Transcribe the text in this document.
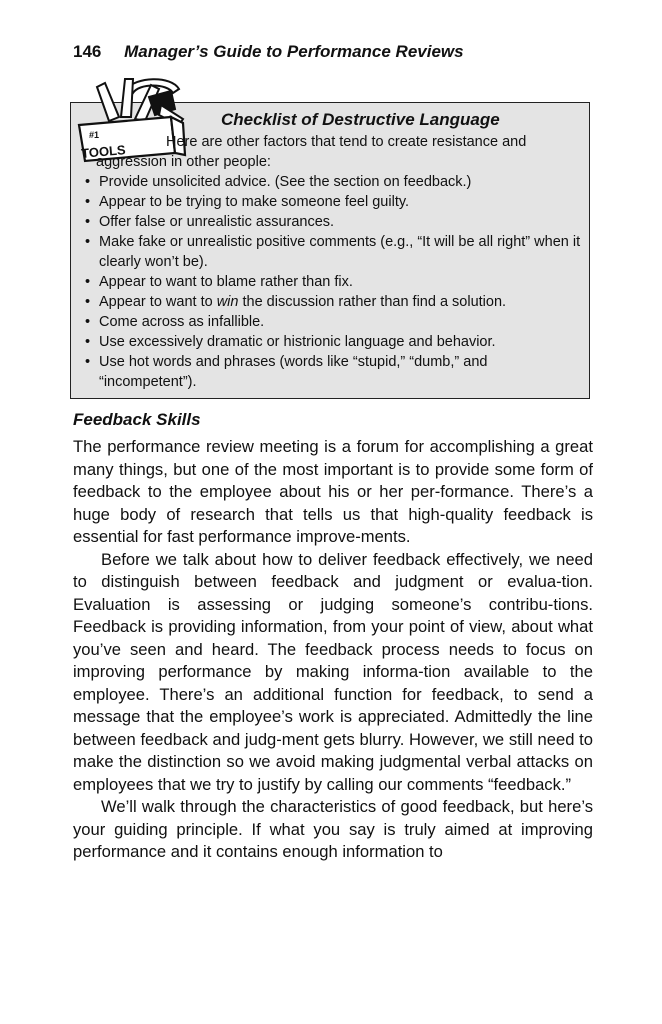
146 Manager’s Guide to Performance Reviews
#1
TOOLS
Checklist of Destructive Language
Here are other factors that tend to create resistance and aggression in other people:
• Provide unsolicited advice. (See the section on feedback.)
• Appear to be trying to make someone feel guilty.
• Offer false or unrealistic assurances.
• Make fake or unrealistic positive comments (e.g., “It will be all right” when it clearly won’t be).
• Appear to want to blame rather than fix.
• Appear to want to win the discussion rather than find a solution.
• Come across as infallible.
• Use excessively dramatic or histrionic language and behavior.
• Use hot words and phrases (words like “stupid,” “dumb,” and “incompetent”).
Feedback Skills

The performance review meeting is a forum for accomplishing a great many things, but one of the most important is to provide some form of feedback to the employee about his or her per-formance. There’s a huge body of research that tells us that high-quality feedback is essential for fast performance improve-ments.

Before we talk about how to deliver feedback effectively, we need to distinguish between feedback and judgment or evalua-tion. Evaluation is assessing or judging someone’s contribu-tions. Feedback is providing information, from your point of view, about what you’ve seen and heard. The feedback process needs to focus on improving performance by making informa-tion available to the employee. There’s an additional function for feedback, to send a message that the employee’s work is appreciated. Admittedly the line between feedback and judg-ment gets blurry. However, we still need to make the distinction so we avoid making judgmental verbal attacks on employees that we try to justify by calling our comments “feedback.”

We’ll walk through the characteristics of good feedback, but here’s your guiding principle. If what you say is truly aimed at improving performance and it contains enough information to
